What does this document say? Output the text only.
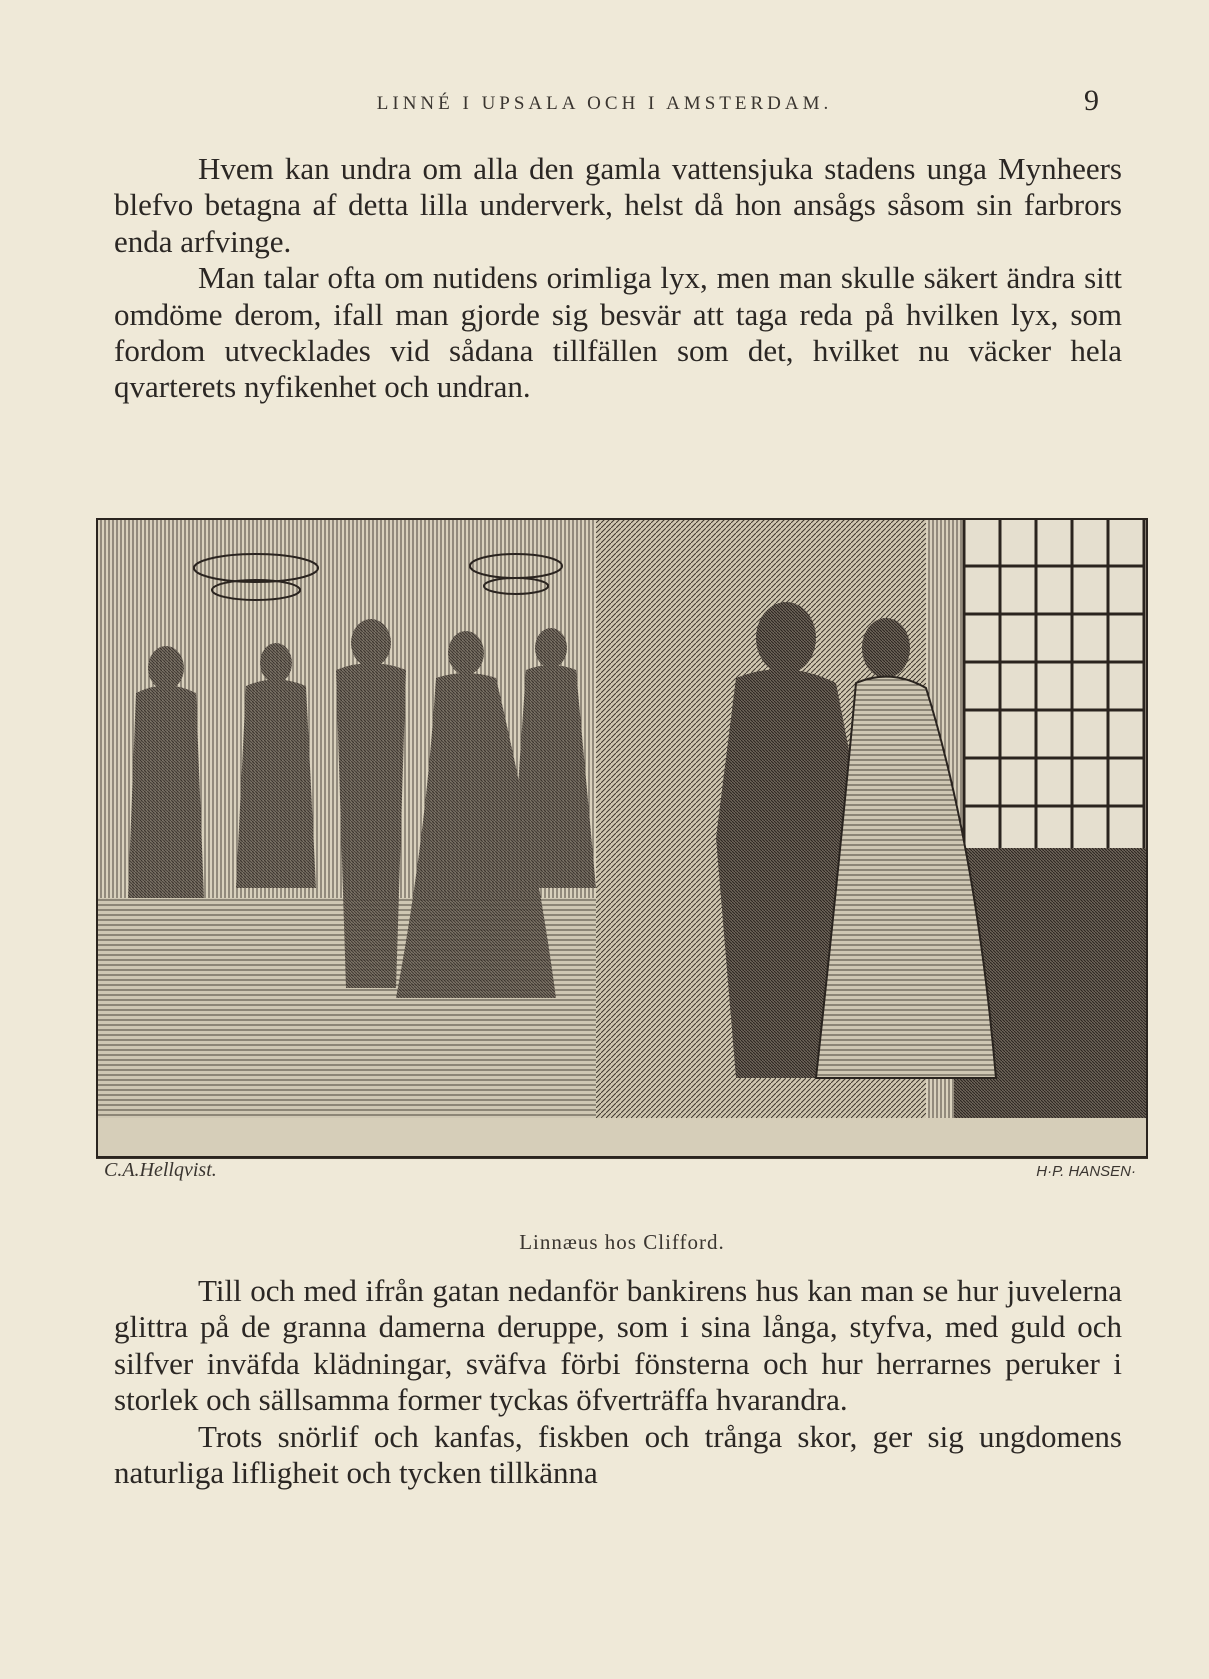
LINNÉ I UPSALA OCH I AMSTERDAM.	9

Hvem kan undra om alla den gamla vattensjuka stadens unga Mynheers blefvo betagna af detta lilla underverk, helst då hon ansågs såsom sin farbrors enda arfvinge.

Man talar ofta om nutidens orimliga lyx, men man skulle säkert ändra sitt omdöme derom, ifall man gjorde sig besvär att taga reda på hvilken lyx, som fordom utvecklades vid sådana tillfällen som det, hvilket nu väcker hela qvarterets nyfikenhet och undran.

C.A.Hellqvist.	H·P. HANSEN·
Linnæus hos Clifford.

Till och med ifrån gatan nedanför bankirens hus kan man se hur juvelerna glittra på de granna damerna deruppe, som i sina långa, styfva, med guld och silfver inväfda klädningar, sväfva förbi fönsterna och hur herrarnes peruker i storlek och sällsamma former tyckas öfverträffa hvarandra.

Trots snörlif och kanfas, fiskben och trånga skor, ger sig ungdomens naturliga lifligheit och tycken tillkänna
